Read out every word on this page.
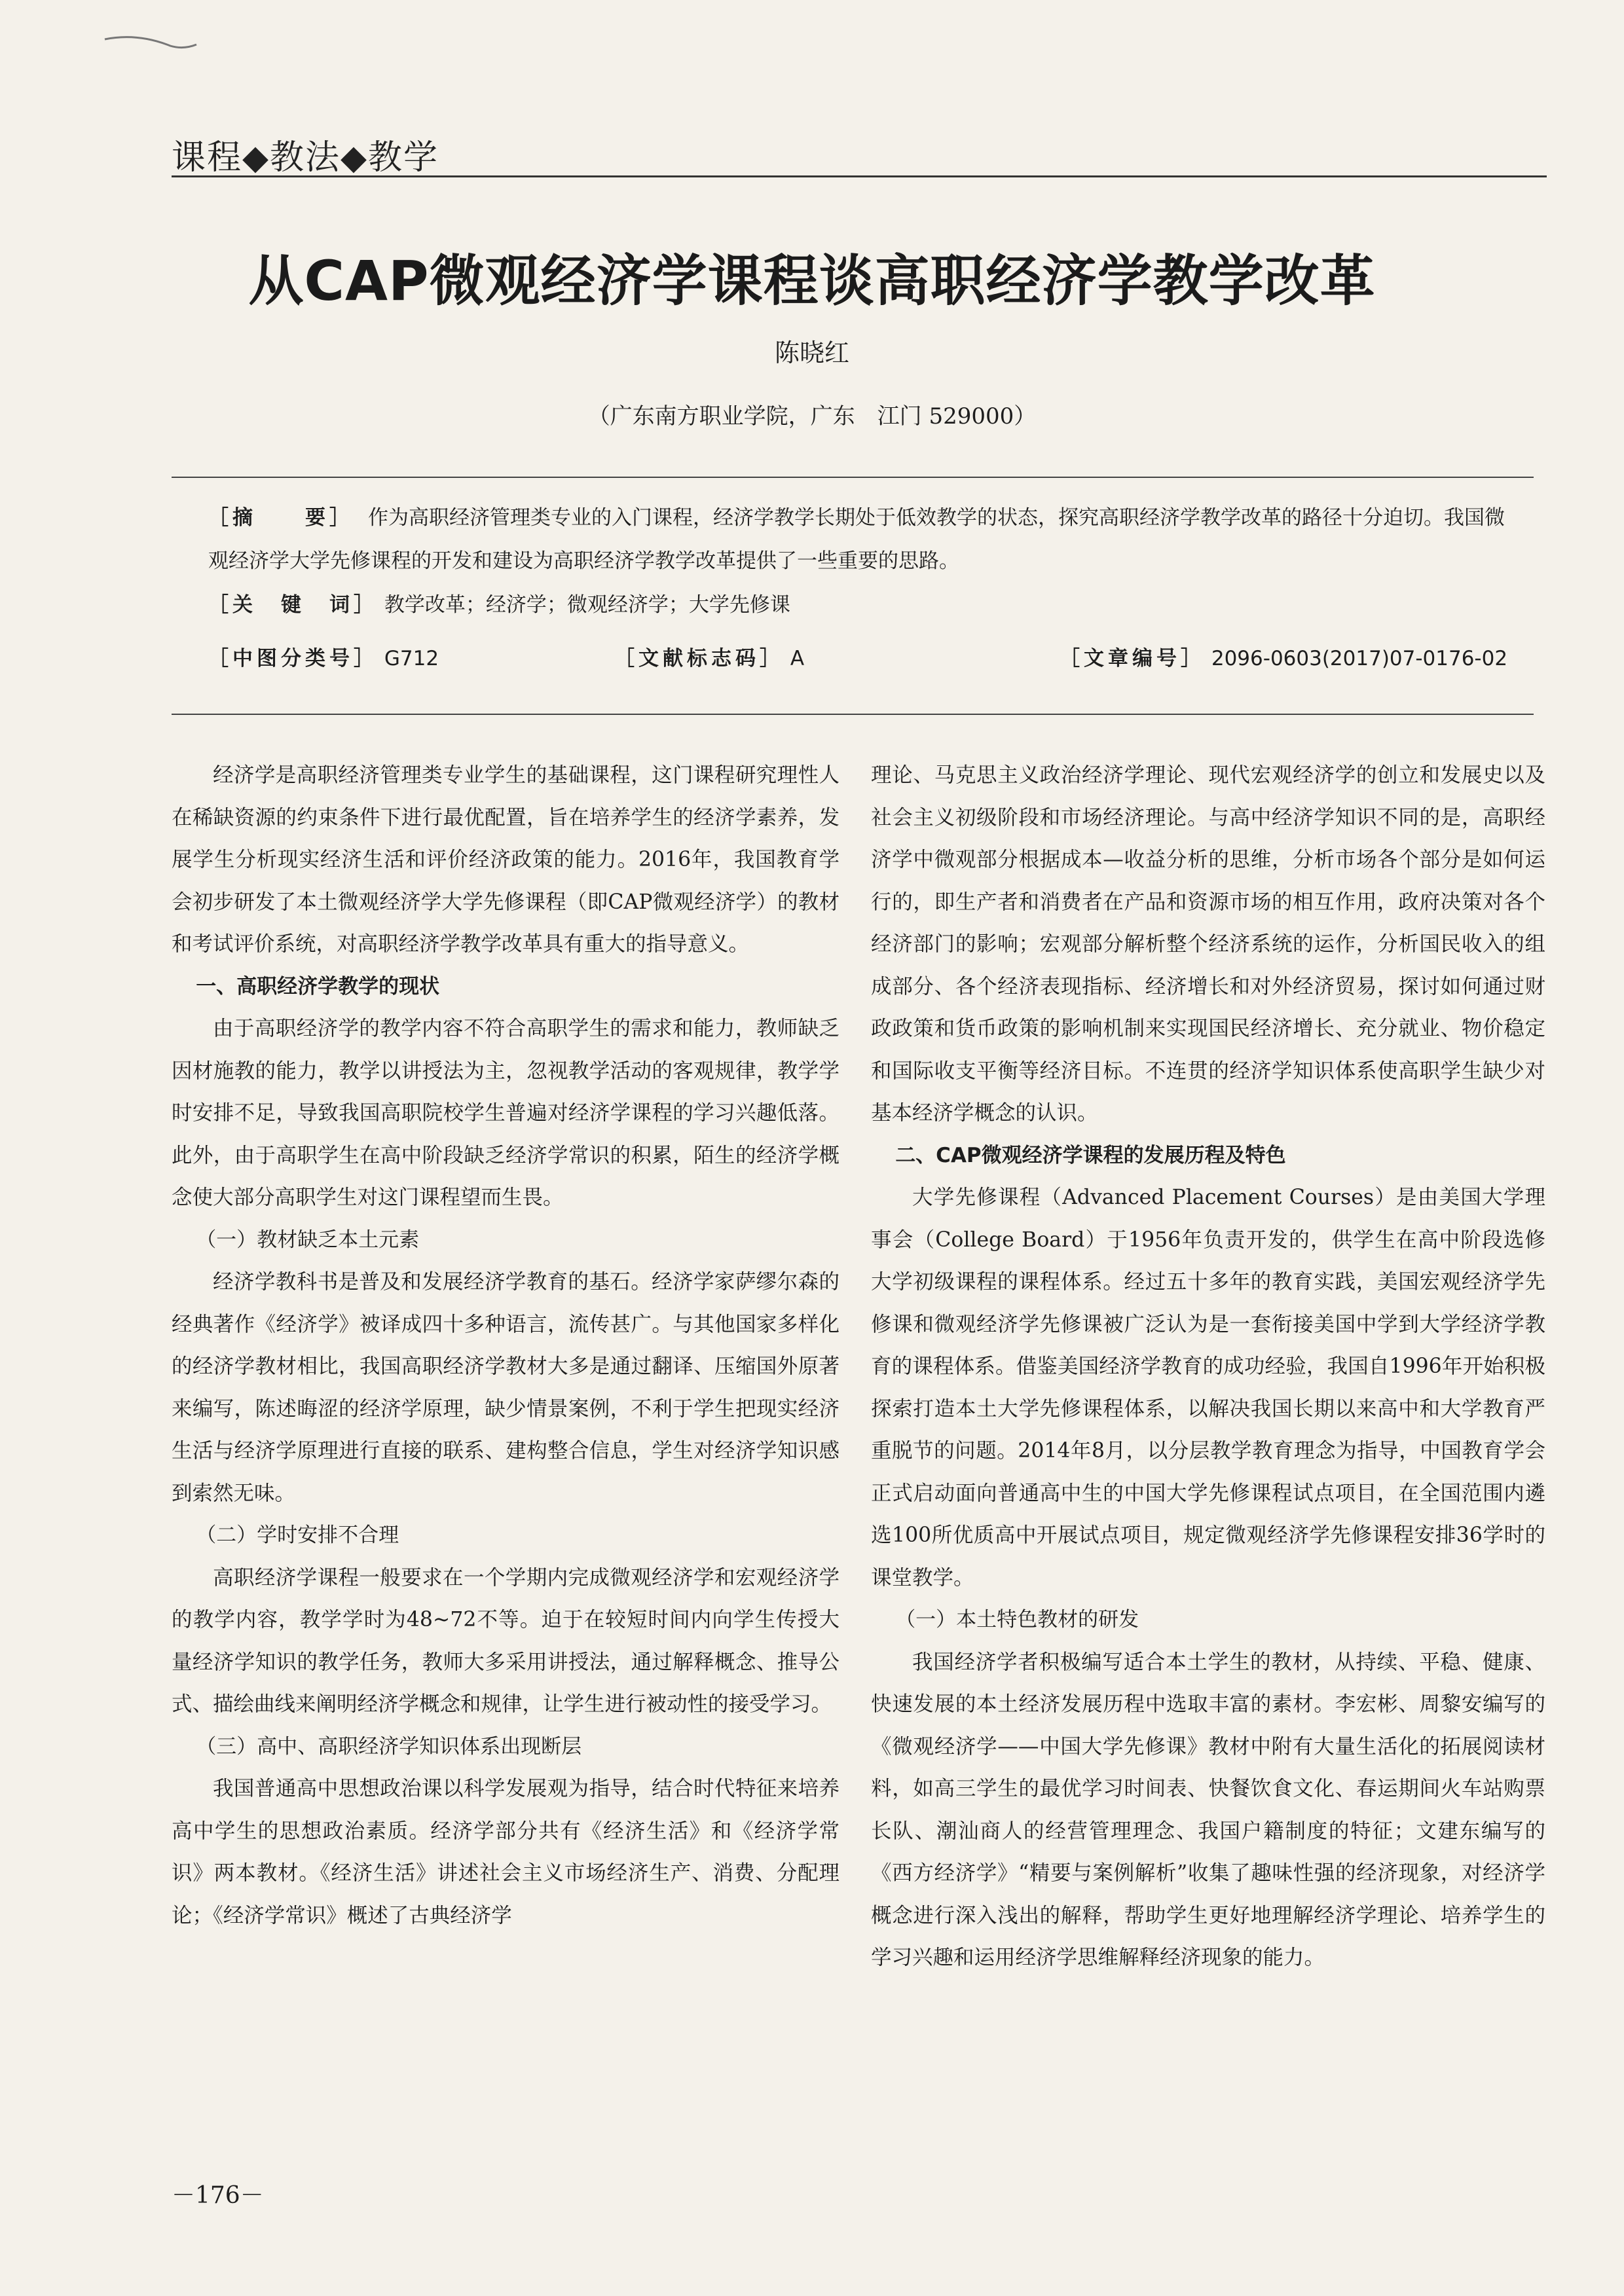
课程◆教法◆教学
从CAP微观经济学课程谈高职经济学教学改革
陈晓红
（广东南方职业学院，广东　江门 529000）
［摘　　要］ 作为高职经济管理类专业的入门课程，经济学教学长期处于低效教学的状态，探究高职经济学教学改革的路径十分迫切。我国微观经济学大学先修课程的开发和建设为高职经济学教学改革提供了一些重要的思路。
［关　键　词］ 教学改革；经济学；微观经济学；大学先修课
［中图分类号］ G712	［文献标志码］ A	［文章编号］ 2096-0603(2017)07-0176-02

经济学是高职经济管理类专业学生的基础课程，这门课程研究理性人在稀缺资源的约束条件下进行最优配置，旨在培养学生的经济学素养，发展学生分析现实经济生活和评价经济政策的能力。2016年，我国教育学会初步研发了本土微观经济学大学先修课程（即CAP微观经济学）的教材和考试评价系统，对高职经济学教学改革具有重大的指导意义。

一、高职经济学教学的现状

由于高职经济学的教学内容不符合高职学生的需求和能力，教师缺乏因材施教的能力，教学以讲授法为主，忽视教学活动的客观规律，教学学时安排不足，导致我国高职院校学生普遍对经济学课程的学习兴趣低落。此外，由于高职学生在高中阶段缺乏经济学常识的积累，陌生的经济学概念使大部分高职学生对这门课程望而生畏。

（一）教材缺乏本土元素

经济学教科书是普及和发展经济学教育的基石。经济学家萨缪尔森的经典著作《经济学》被译成四十多种语言，流传甚广。与其他国家多样化的经济学教材相比，我国高职经济学教材大多是通过翻译、压缩国外原著来编写，陈述晦涩的经济学原理，缺少情景案例，不利于学生把现实经济生活与经济学原理进行直接的联系、建构整合信息，学生对经济学知识感到索然无味。

（二）学时安排不合理

高职经济学课程一般要求在一个学期内完成微观经济学和宏观经济学的教学内容，教学学时为48~72不等。迫于在较短时间内向学生传授大量经济学知识的教学任务，教师大多采用讲授法，通过解释概念、推导公式、描绘曲线来阐明经济学概念和规律，让学生进行被动性的接受学习。

（三）高中、高职经济学知识体系出现断层

我国普通高中思想政治课以科学发展观为指导，结合时代特征来培养高中学生的思想政治素质。经济学部分共有《经济生活》和《经济学常识》两本教材。《经济生活》讲述社会主义市场经济生产、消费、分配理论；《经济学常识》概述了古典经济学

理论、马克思主义政治经济学理论、现代宏观经济学的创立和发展史以及社会主义初级阶段和市场经济理论。与高中经济学知识不同的是，高职经济学中微观部分根据成本—收益分析的思维，分析市场各个部分是如何运行的，即生产者和消费者在产品和资源市场的相互作用，政府决策对各个经济部门的影响；宏观部分解析整个经济系统的运作，分析国民收入的组成部分、各个经济表现指标、经济增长和对外经济贸易，探讨如何通过财政政策和货币政策的影响机制来实现国民经济增长、充分就业、物价稳定和国际收支平衡等经济目标。不连贯的经济学知识体系使高职学生缺少对基本经济学概念的认识。

二、CAP微观经济学课程的发展历程及特色

大学先修课程（Advanced Placement Courses）是由美国大学理事会（College Board）于1956年负责开发的，供学生在高中阶段选修大学初级课程的课程体系。经过五十多年的教育实践，美国宏观经济学先修课和微观经济学先修课被广泛认为是一套衔接美国中学到大学经济学教育的课程体系。借鉴美国经济学教育的成功经验，我国自1996年开始积极探索打造本土大学先修课程体系，以解决我国长期以来高中和大学教育严重脱节的问题。2014年8月，以分层教学教育理念为指导，中国教育学会正式启动面向普通高中生的中国大学先修课程试点项目，在全国范围内遴选100所优质高中开展试点项目，规定微观经济学先修课程安排36学时的课堂教学。

（一）本土特色教材的研发

我国经济学者积极编写适合本土学生的教材，从持续、平稳、健康、快速发展的本土经济发展历程中选取丰富的素材。李宏彬、周黎安编写的《微观经济学——中国大学先修课》教材中附有大量生活化的拓展阅读材料，如高三学生的最优学习时间表、快餐饮食文化、春运期间火车站购票长队、潮汕商人的经营管理理念、我国户籍制度的特征；文建东编写的《西方经济学》“精要与案例解析”收集了趣味性强的经济现象，对经济学概念进行深入浅出的解释，帮助学生更好地理解经济学理论、培养学生的学习兴趣和运用经济学思维解释经济现象的能力。

－176－
